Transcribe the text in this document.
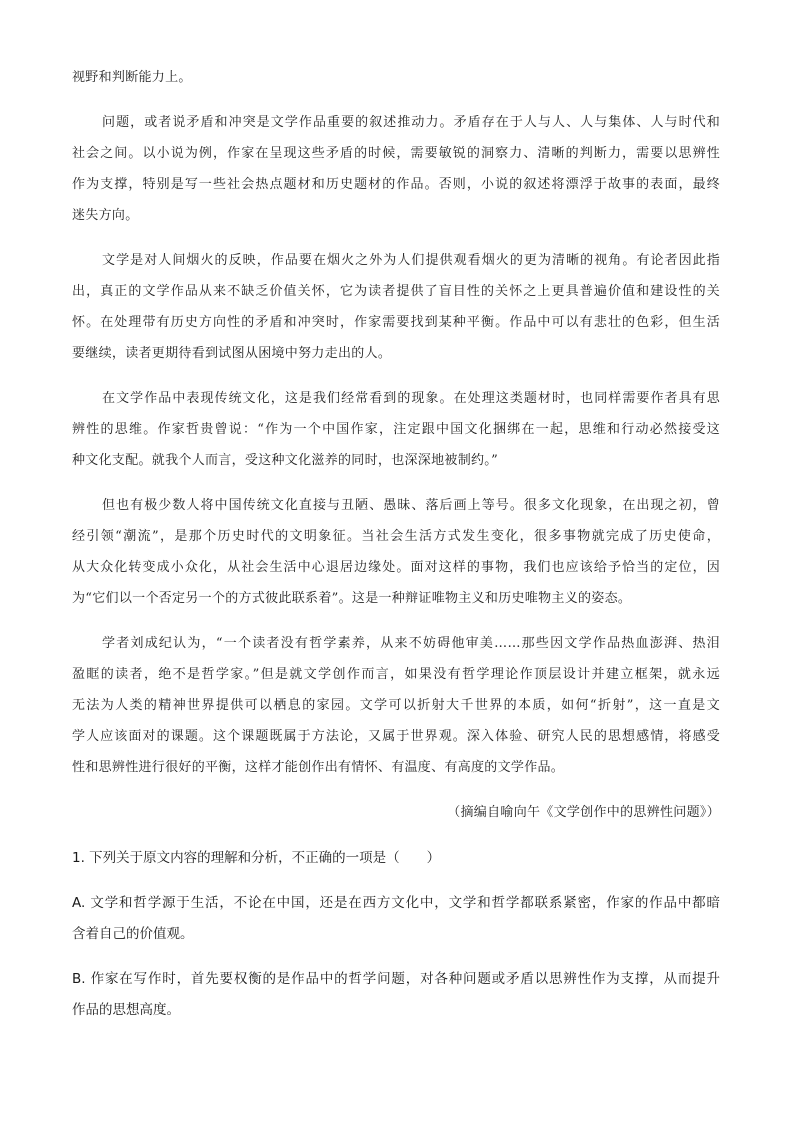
视野和判断能力上。
问题，或者说矛盾和冲突是文学作品重要的叙述推动力。矛盾存在于人与人、人与集体、人与时代和
社会之间。以小说为例，作家在呈现这些矛盾的时候，需要敏锐的洞察力、清晰的判断力，需要以思辨性
作为支撑，特别是写一些社会热点题材和历史题材的作品。否则，小说的叙述将漂浮于故事的表面，最终
迷失方向。
文学是对人间烟火的反映，作品要在烟火之外为人们提供观看烟火的更为清晰的视角。有论者因此指
出，真正的文学作品从来不缺乏价值关怀，它为读者提供了盲目性的关怀之上更具普遍价值和建设性的关
怀。在处理带有历史方向性的矛盾和冲突时，作家需要找到某种平衡。作品中可以有悲壮的色彩，但生活
要继续，读者更期待看到试图从困境中努力走出的人。
在文学作品中表现传统文化，这是我们经常看到的现象。在处理这类题材时，也同样需要作者具有思
辨性的思维。作家哲贵曾说：“作为一个中国作家，注定跟中国文化捆绑在一起，思维和行动必然接受这
种文化支配。就我个人而言，受这种文化滋养的同时，也深深地被制约。”
但也有极少数人将中国传统文化直接与丑陋、愚昧、落后画上等号。很多文化现象，在出现之初，曾
经引领“潮流”，是那个历史时代的文明象征。当社会生活方式发生变化，很多事物就完成了历史使命，
从大众化转变成小众化，从社会生活中心退居边缘处。面对这样的事物，我们也应该给予恰当的定位，因
为“它们以一个否定另一个的方式彼此联系着”。这是一种辩证唯物主义和历史唯物主义的姿态。
学者刘成纪认为，“一个读者没有哲学素养，从来不妨碍他审美……那些因文学作品热血澎湃、热泪
盈眶的读者，绝不是哲学家。”但是就文学创作而言，如果没有哲学理论作顶层设计并建立框架，就永远
无法为人类的精神世界提供可以栖息的家园。文学可以折射大千世界的本质，如何“折射”，这一直是文
学人应该面对的课题。这个课题既属于方法论，又属于世界观。深入体验、研究人民的思想感情，将感受
性和思辨性进行很好的平衡，这样才能创作出有情怀、有温度、有高度的文学作品。
（摘编自喻向午《文学创作中的思辨性问题》）
1. 下列关于原文内容的理解和分析，不正确的一项是（　　）
A. 文学和哲学源于生活，不论在中国，还是在西方文化中，文学和哲学都联系紧密，作家的作品中都暗
含着自己的价值观。
B. 作家在写作时，首先要权衡的是作品中的哲学问题，对各种问题或矛盾以思辨性作为支撑，从而提升
作品的思想高度。
